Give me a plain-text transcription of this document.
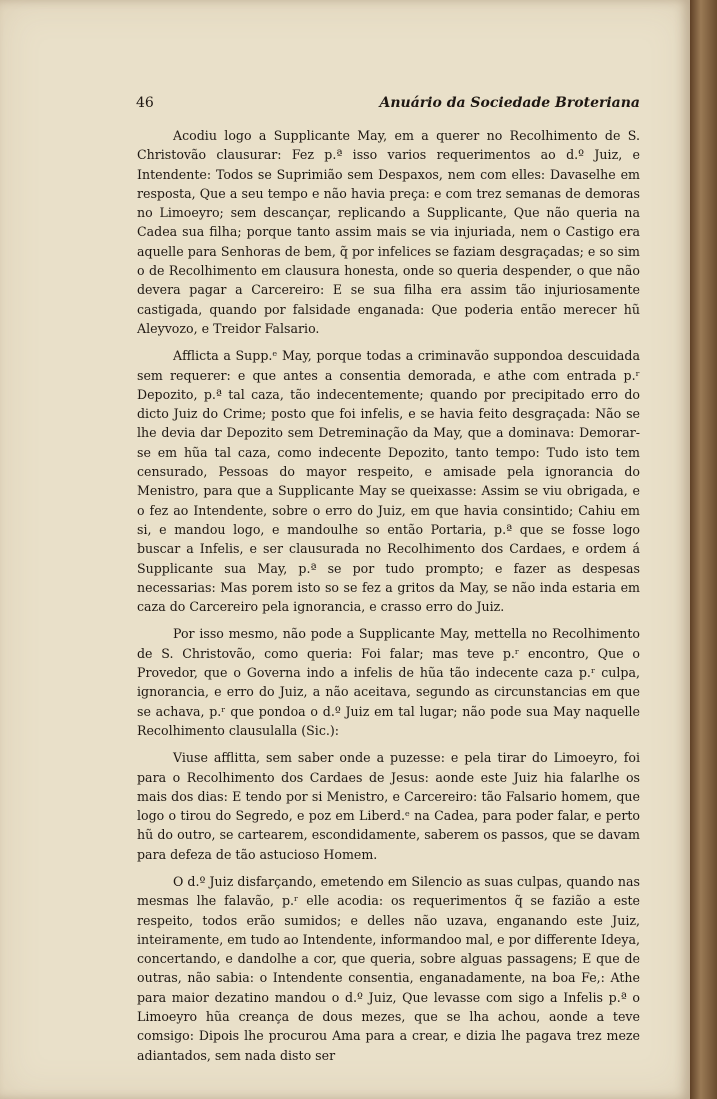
46	Anuário da Sociedade Broteriana

Acodiu logo a Supplicante May, em a querer no Recolhimento de S. Christovão clausurar: Fez p.ª isso varios requerimentos ao d.º Juiz, e Intendente: Todos se Suprimião sem Despaxos, nem com elles: Davaselhe em resposta, Que a seu tempo e não havia preça: e com trez semanas de demoras no Limoeyro; sem descançar, replicando a Supplicante, Que não queria na Cadea sua filha; porque tanto assim mais se via injuriada, nem o Castigo era aquelle para Senhoras de bem, q̃ por infelices se faziam desgraçadas; e so sim o de Recolhimento em clausura honesta, onde so queria despender, o que não devera pagar a Carcereiro: E se sua filha era assim tão injuriosamente castigada, quando por falsidade enganada: Que poderia então merecer hũ Aleyvozo, e Treidor Falsario.

Afflicta a Supp.ᵉ May, porque todas a criminavão suppondoa descuidada sem requerer: e que antes a consentia demorada, e athe com entrada p.ʳ Depozito, p.ª tal caza, tão indecentemente; quando por precipitado erro do dicto Juiz do Crime; posto que foi infelis, e se havia feito desgraçada: Não se lhe devia dar Depozito sem Detreminação da May, que a dominava: Demorar-se em hũa tal caza, como indecente Depozito, tanto tempo: Tudo isto tem censurado, Pessoas do mayor respeito, e amisade pela ignorancia do Menistro, para que a Supplicante May se queixasse: Assim se viu obrigada, e o fez ao Intendente, sobre o erro do Juiz, em que havia consintido; Cahiu em si, e mandou logo, e mandoulhe so então Portaria, p.ª que se fosse logo buscar a Infelis, e ser clausurada no Recolhimento dos Cardaes, e ordem á Supplicante sua May, p.ª se por tudo prompto; e fazer as despesas necessarias: Mas porem isto so se fez a gritos da May, se não inda estaria em caza do Carcereiro pela ignorancia, e crasso erro do Juiz.

Por isso mesmo, não pode a Supplicante May, mettella no Recolhimento de S. Christovão, como queria: Foi falar; mas teve p.ʳ encontro, Que o Provedor, que o Governa indo a infelis de hũa tão indecente caza p.ʳ culpa, ignorancia, e erro do Juiz, a não aceitava, segundo as circunstancias em que se achava, p.ʳ que pondoa o d.º Juiz em tal lugar; não pode sua May naquelle Recolhimento clausulalla (Sic.):

Viuse afflitta, sem saber onde a puzesse: e pela tirar do Limoeyro, foi para o Recolhimento dos Cardaes de Jesus: aonde este Juiz hia falarlhe os mais dos dias: E tendo por si Menistro, e Carcereiro: tão Falsario homem, que logo o tirou do Segredo, e poz em Liberd.ᵉ na Cadea, para poder falar, e perto hũ do outro, se cartearem, escondidamente, saberem os passos, que se davam para defeza de tão astucioso Homem.

O d.º Juiz disfarçando, emetendo em Silencio as suas culpas, quando nas mesmas lhe falavão, p.ʳ elle acodia: os requerimentos q̃ se fazião a este respeito, todos erão sumidos; e delles não uzava, enganando este Juiz, inteiramente, em tudo ao Intendente, informandoo mal, e por differente Ideya, concertando, e dandolhe a cor, que queria, sobre alguas passagens; E que de outras, não sabia: o Intendente consentia, enganadamente, na boa Fe,: Athe para maior dezatino mandou o d.º Juiz, Que levasse com sigo a Infelis p.ª o Limoeyro hũa creança de dous mezes, que se lha achou, aonde a teve comsigo: Dipois lhe procurou Ama para a crear, e dizia lhe pagava trez meze adiantados, sem nada disto ser
